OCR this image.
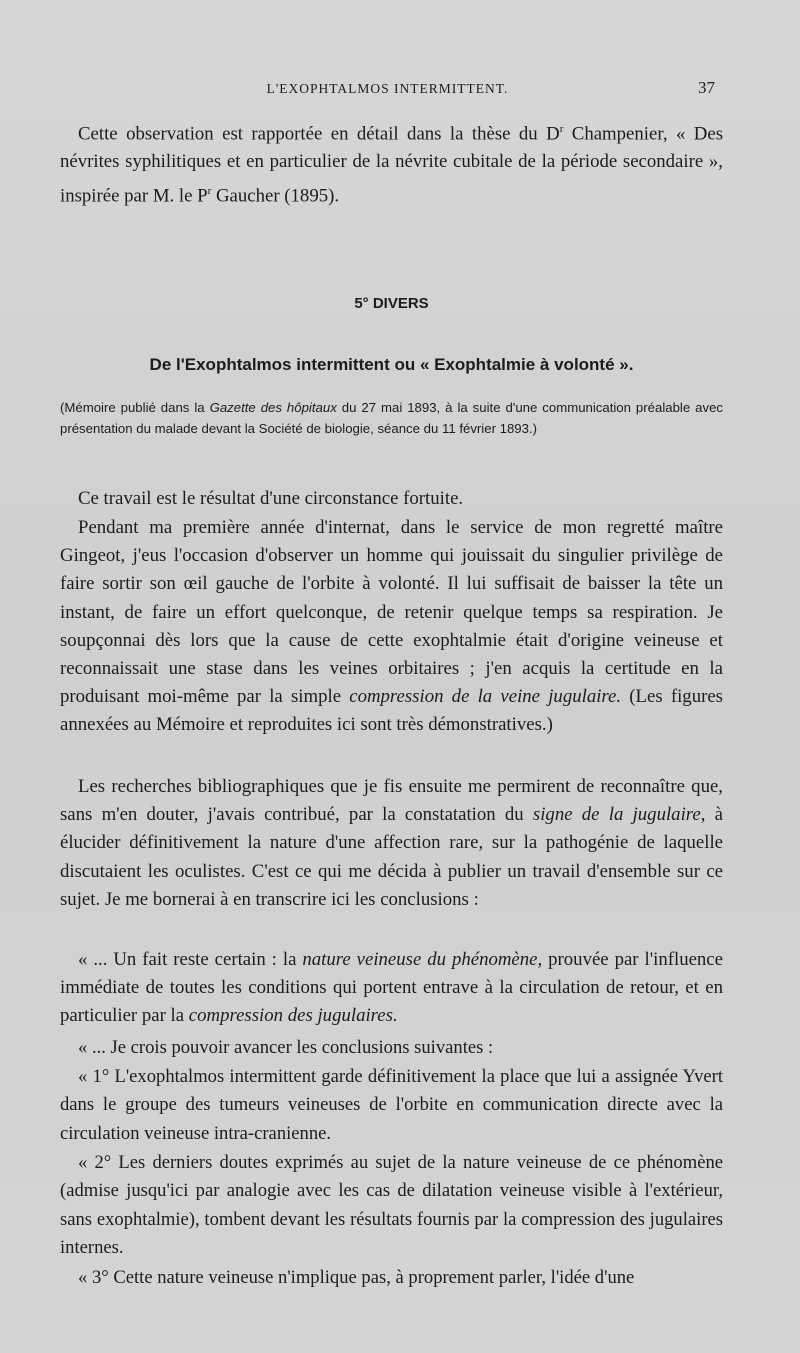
L'EXOPHTALMOS INTERMITTENT.	37

Cette observation est rapportée en détail dans la thèse du $D^r$ Champenier, « Des névrites syphilitiques et en particulier de la névrite cubitale de la période secondaire », inspirée par M. le $P^r$ Gaucher (1895).

5° DIVERS
De l'Exophtalmos intermittent ou « Exophtalmie à volonté ».

(Mémoire publié dans la Gazette des hôpitaux du 27 mai 1893, à la suite d'une communication préalable avec présentation du malade devant la Société de biologie, séance du 11 février 1893.)

Ce travail est le résultat d'une circonstance fortuite.

Pendant ma première année d'internat, dans le service de mon regretté maître Gingeot, j'eus l'occasion d'observer un homme qui jouissait du singulier privilège de faire sortir son œil gauche de l'orbite à volonté. Il lui suffisait de baisser la tête un instant, de faire un effort quelconque, de retenir quelque temps sa respiration. Je soupçonnai dès lors que la cause de cette exophtalmie était d'origine veineuse et reconnaissait une stase dans les veines orbitaires ; j'en acquis la certitude en la produisant moi-même par la simple compression de la veine jugulaire. (Les figures annexées au Mémoire et reproduites ici sont très démonstratives.)

Les recherches bibliographiques que je fis ensuite me permirent de reconnaître que, sans m'en douter, j'avais contribué, par la constatation du signe de la jugulaire, à élucider définitivement la nature d'une affection rare, sur la pathogénie de laquelle discutaient les oculistes. C'est ce qui me décida à publier un travail d'ensemble sur ce sujet. Je me bornerai à en transcrire ici les conclusions :

« ... Un fait reste certain : la nature veineuse du phénomène, prouvée par l'influence immédiate de toutes les conditions qui portent entrave à la circulation de retour, et en particulier par la compression des jugulaires.

« ... Je crois pouvoir avancer les conclusions suivantes :

« 1° L'exophtalmos intermittent garde définitivement la place que lui a assignée Yvert dans le groupe des tumeurs veineuses de l'orbite en communication directe avec la circulation veineuse intra-cranienne.

« 2° Les derniers doutes exprimés au sujet de la nature veineuse de ce phénomène (admise jusqu'ici par analogie avec les cas de dilatation veineuse visible à l'extérieur, sans exophtalmie), tombent devant les résultats fournis par la compression des jugulaires internes.

« 3° Cette nature veineuse n'implique pas, à proprement parler, l'idée d'une
